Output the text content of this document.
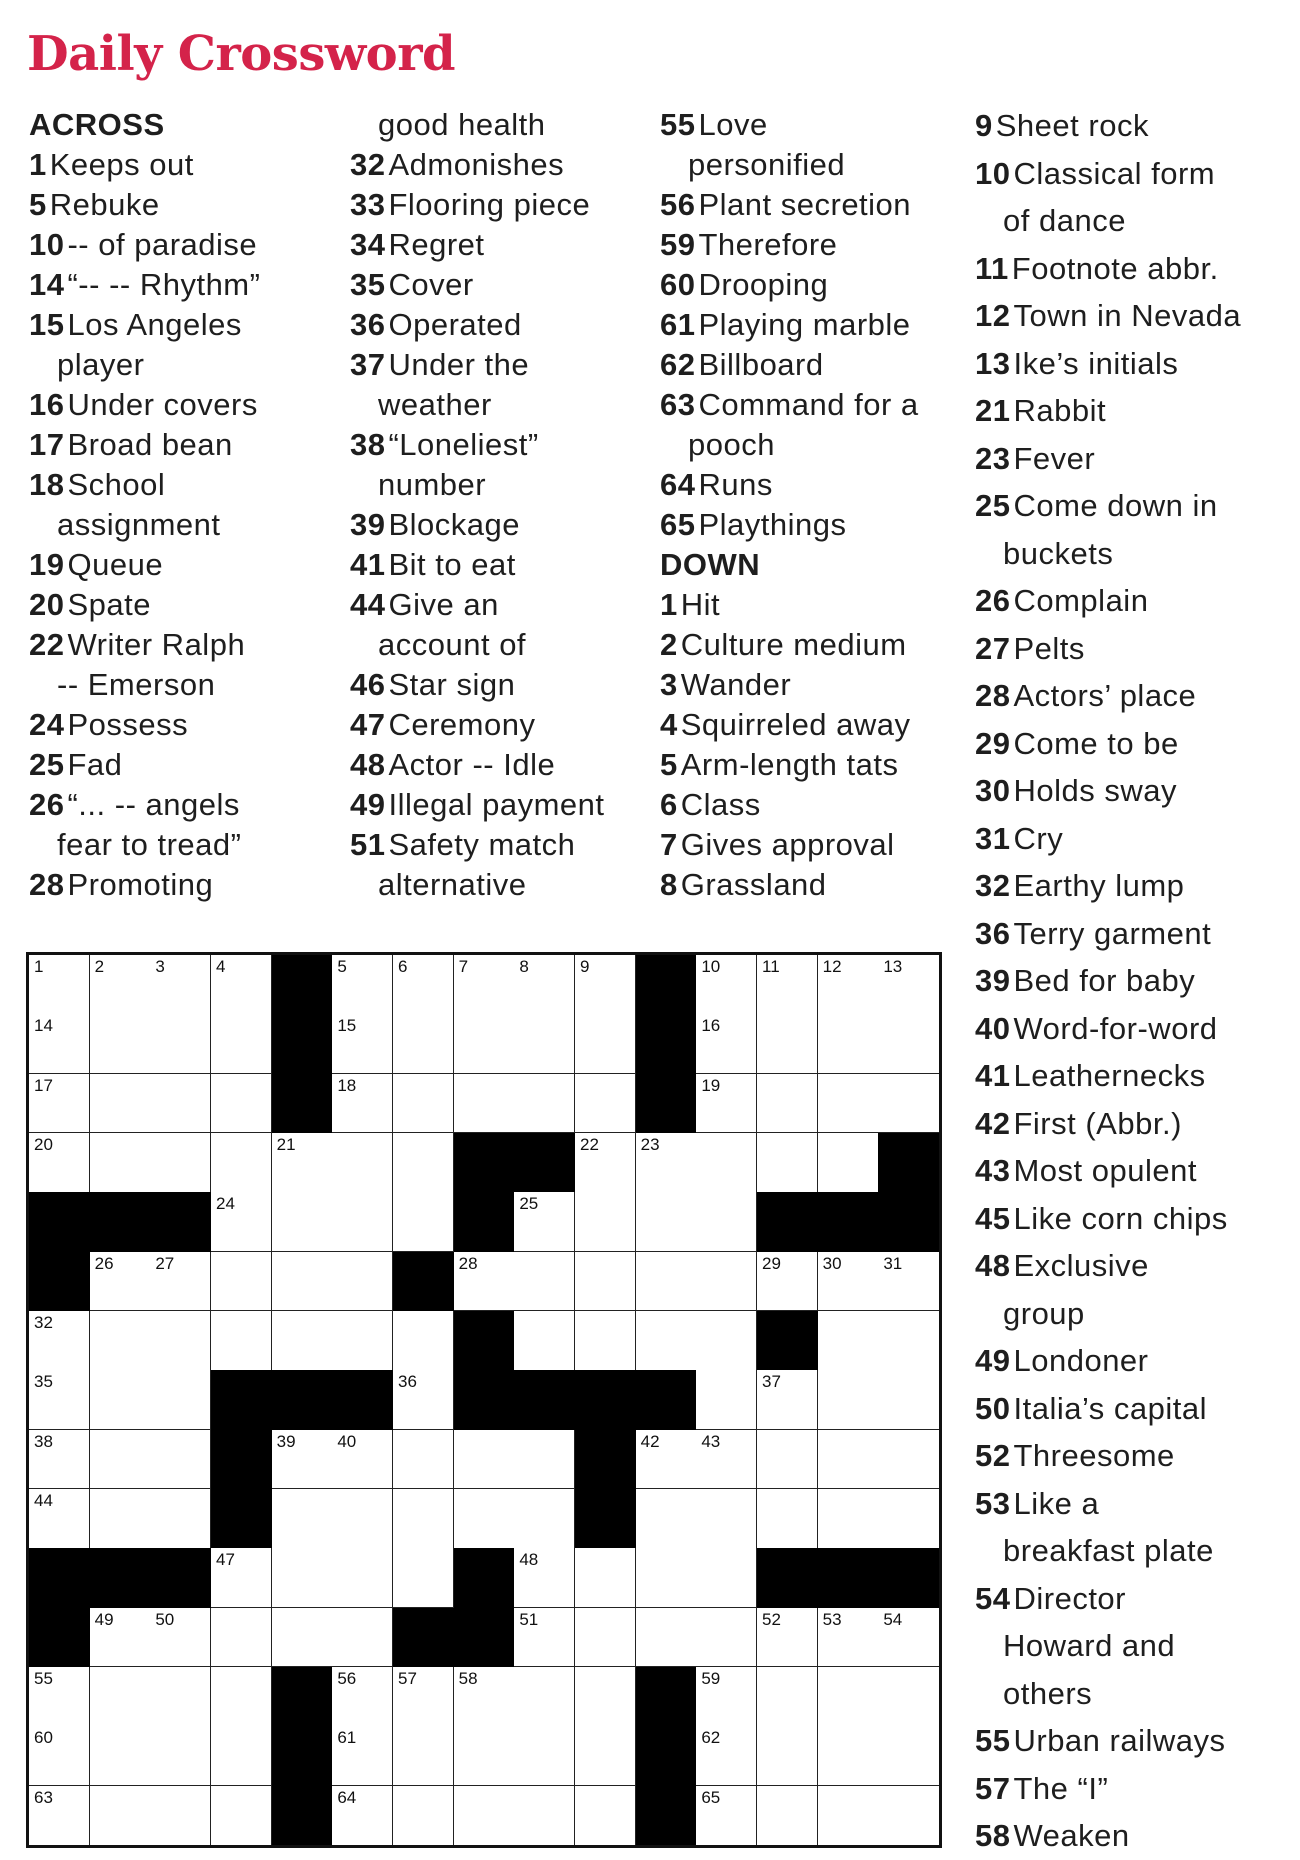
Daily Crossword
ACROSS
1Keeps out
5Rebuke
10-- of paradise
14“-- -- Rhythm”
15Los Angeles
player
16Under covers
17Broad bean
18School
assignment
19Queue
20Spate
22Writer Ralph
-- Emerson
24Possess
25Fad
26“... -- angels
fear to tread”
28Promoting
good health
32Admonishes
33Flooring piece
34Regret
35Cover
36Operated
37Under the
weather
38“Loneliest”
number
39Blockage
41Bit to eat
44Give an
account of
46Star sign
47Ceremony
48Actor -- Idle
49Illegal payment
51Safety match
alternative
55Love
personified
56Plant secretion
59Therefore
60Drooping
61Playing marble
62Billboard
63Command for a
pooch
64Runs
65Playthings
DOWN
1Hit
2Culture medium
3Wander
4Squirreled away
5Arm-length tats
6Class
7Gives approval
8Grassland
9Sheet rock
10Classical form
of dance
11Footnote abbr.
12Town in Nevada
13Ike’s initials
21Rabbit
23Fever
25Come down in
buckets
26Complain
27Pelts
28Actors’ place
29Come to be
30Holds sway
31Cry
32Earthy lump
36Terry garment
39Bed for baby
40Word-for-word
41Leathernecks
42First (Abbr.)
43Most opulent
45Like corn chips
48Exclusive
group
49Londoner
50Italia’s capital
52Threesome
53Like a
breakfast plate
54Director
Howard and
others
55Urban railways
57The “I”
58Weaken
1	2	3	4	5	6	7	8	9	10 11	12 13
14	15	16
17	18	19
20	21	22 23
24	25
26 27	28	29 30 31
32
35	36	37
38	39 40	42 43
44
47	48
49 50	51	52 53 54
55	56 57 58	59
60	61	62
63	64	65
